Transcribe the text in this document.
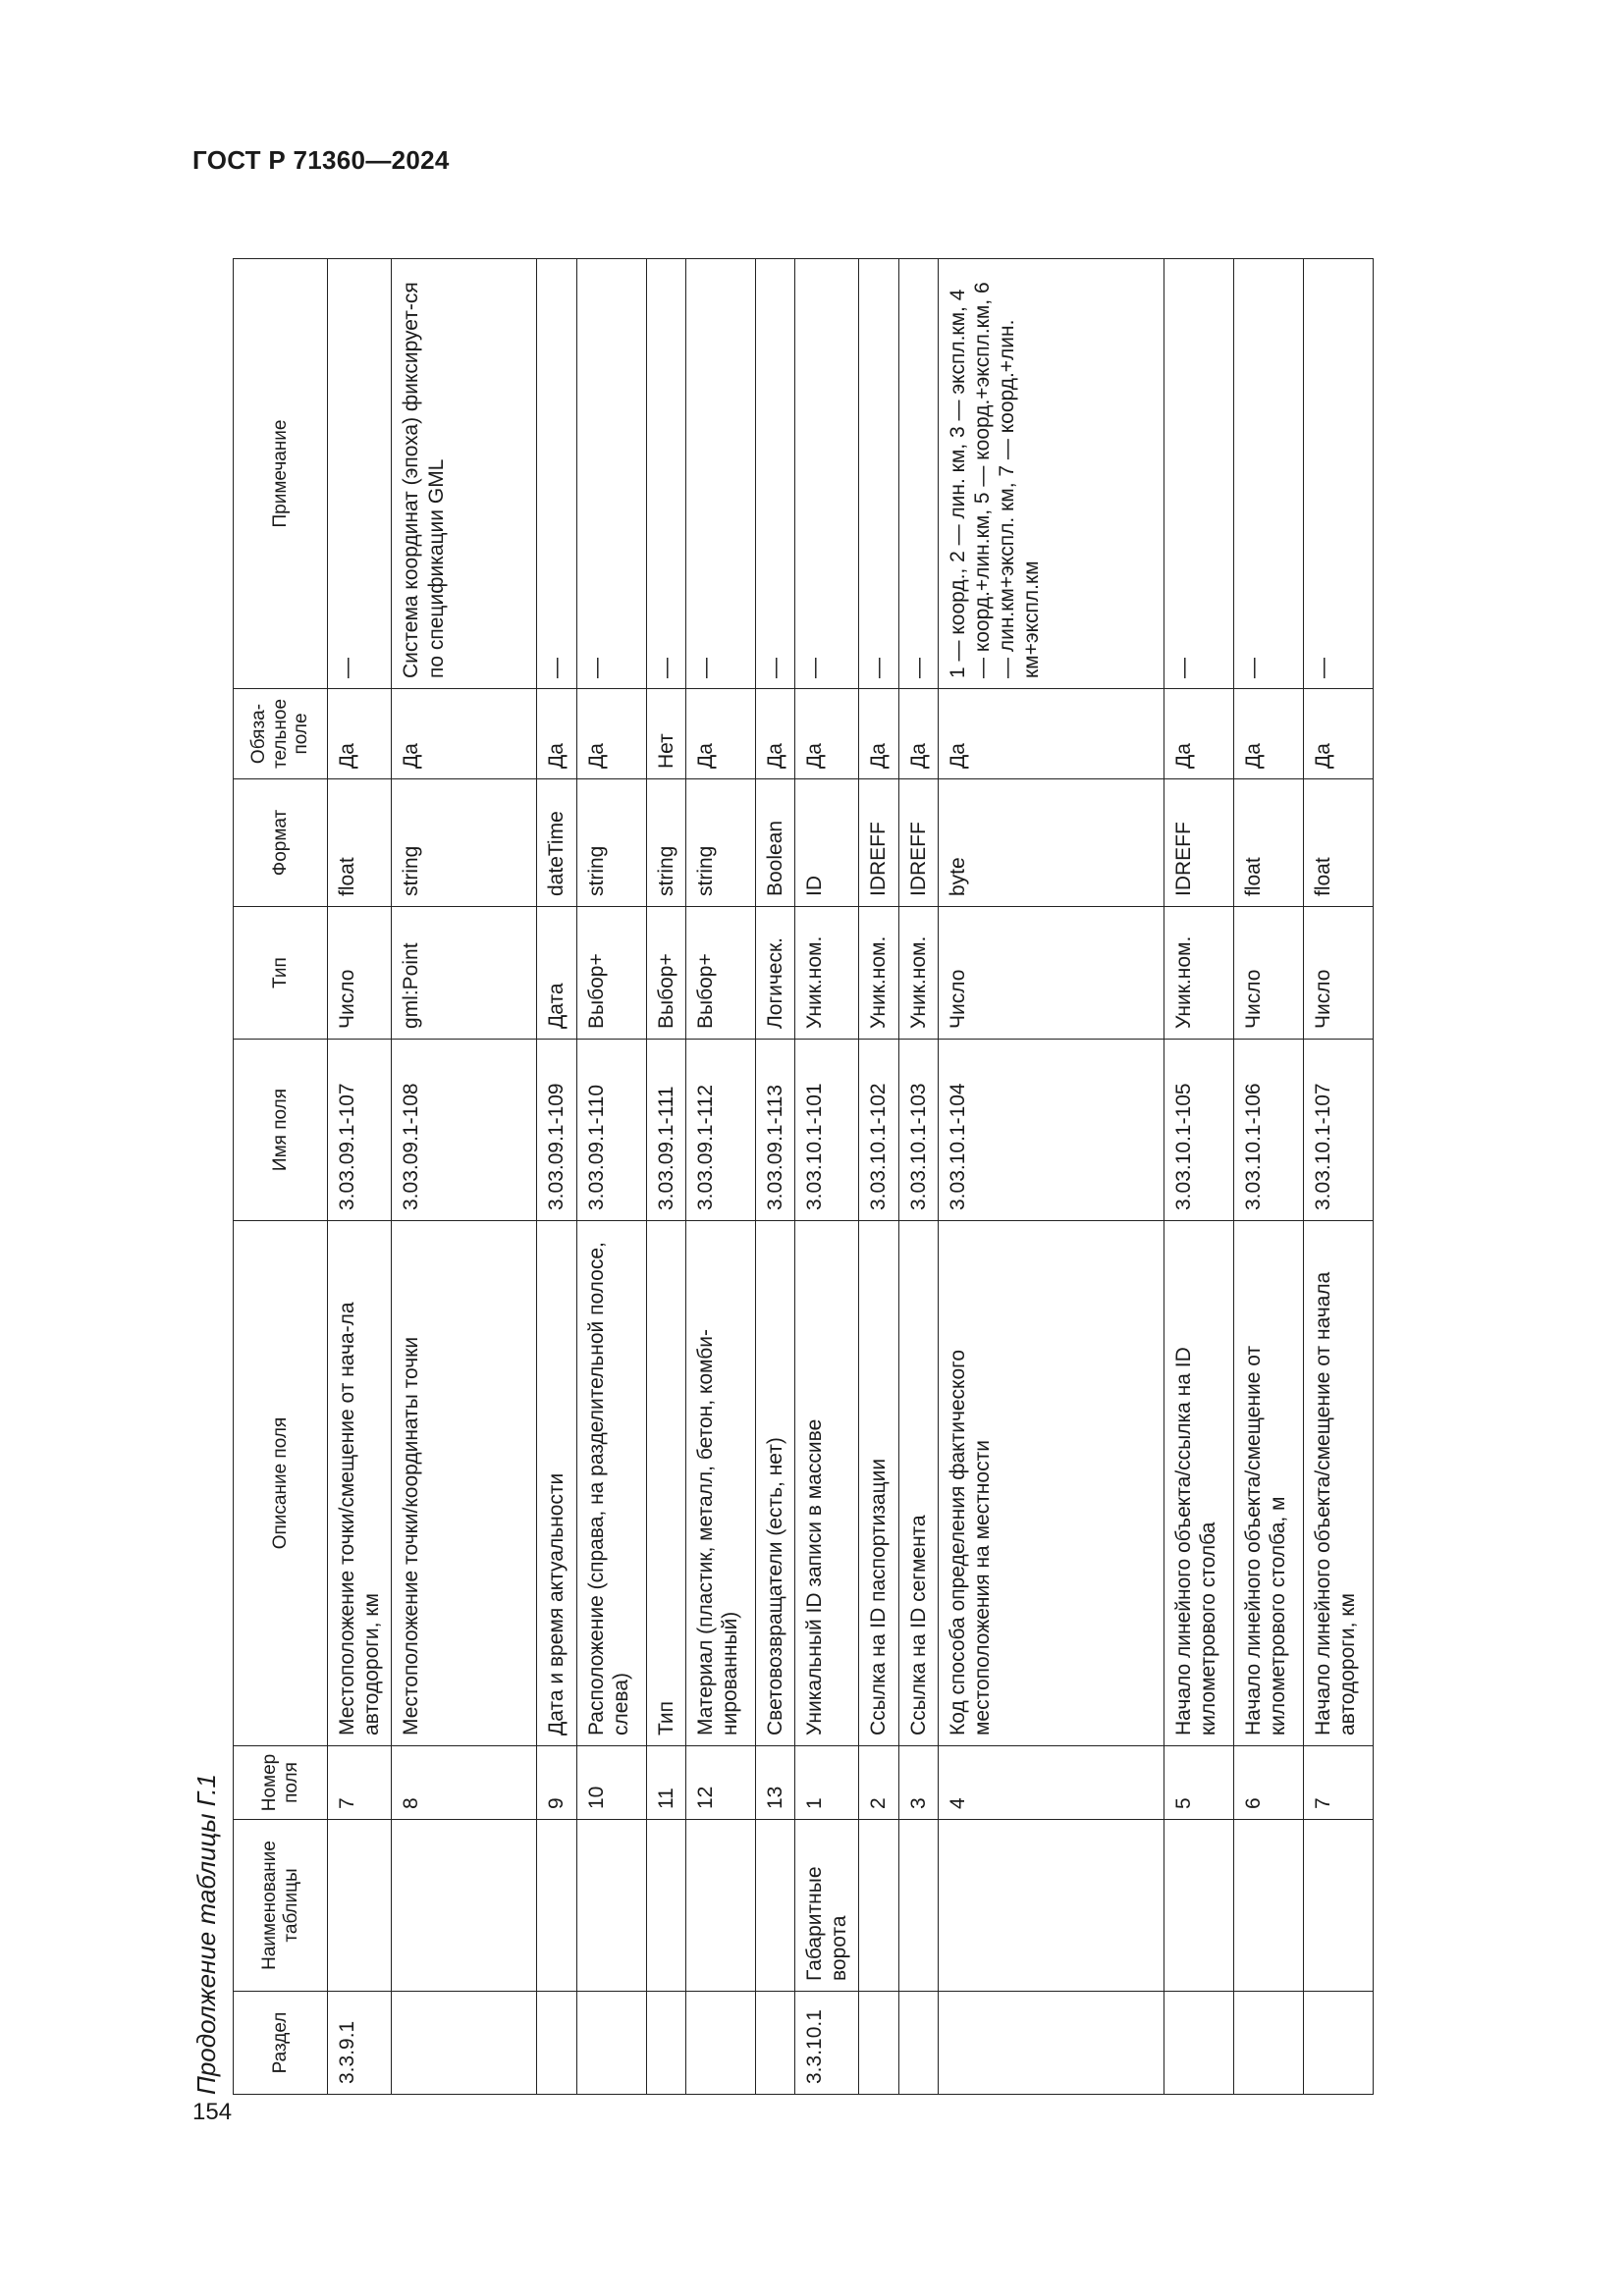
ГОСТ Р 71360—2024
154
Продолжение таблицы Г.1	Раздел	Наименование таблицы	Номер поля	Описание поля	Имя поля	Тип	Формат	Обяза-тельное поле	Примечание
3.3.9.1		7	Местоположение точки/смещение от нача-ла автодороги, км	3.03.09.1-107	Число	float	Да	—
		8	Местоположение точки/координаты точки	3.03.09.1-108	gml:Point	string	Да	Система координат (эпоха) фиксирует-ся по спецификации GML
		9	Дата и время актуальности	3.03.09.1-109	Дата	dateTime	Да	—
		10	Расположение (справа, на разделительной полосе, слева)	3.03.09.1-110	Выбор+	string	Да	—
		11	Тип	3.03.09.1-111	Выбор+	string	Нет	—
		12	Материал (пластик, металл, бетон, комби-нированный)	3.03.09.1-112	Выбор+	string	Да	—
		13	Световозвращатели (есть, нет)	3.03.09.1-113	Логическ.	Boolean	Да	—
3.3.10.1	Габаритные ворота	1	Уникальный ID записи в массиве	3.03.10.1-101	Уник.ном.	ID	Да	—
		2	Ссылка на ID паспортизации	3.03.10.1-102	Уник.ном.	IDREFF	Да	—
		3	Ссылка на ID сегмента	3.03.10.1-103	Уник.ном.	IDREFF	Да	—
		4	Код способа определения фактического местоположения на местности	3.03.10.1-104	Число	byte	Да	1 — коорд., 2 — лин. км, 3 — экспл.км, 4 — коорд.+лин.км, 5 — коорд.+экспл.км, 6 — лин.км+экспл. км, 7 — коорд.+лин. км+экспл.км
		5	Начало линейного объекта/ссылка на ID километрового столба	3.03.10.1-105	Уник.ном.	IDREFF	Да	—
		6	Начало линейного объекта/смещение от километрового столба, м	3.03.10.1-106	Число	float	Да	—
		7	Начало линейного объекта/смещение от начала автодороги, км	3.03.10.1-107	Число	float	Да	—
